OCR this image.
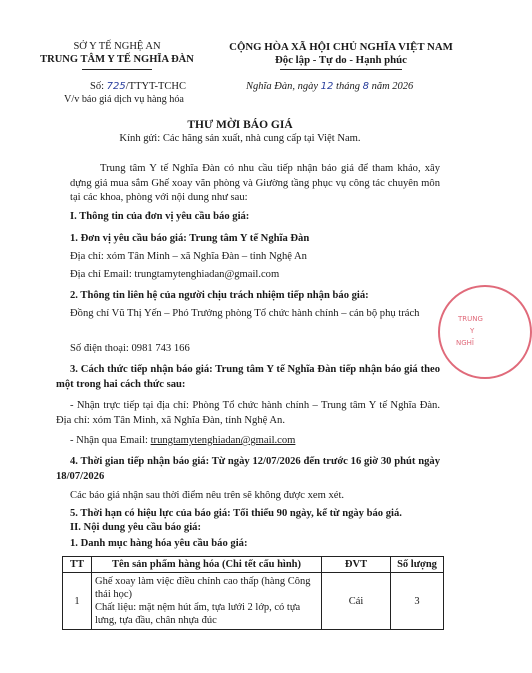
SỞ Y TẾ NGHỆ AN
TRUNG TÂM Y TẾ NGHĨA ĐÀN
CỘNG HÒA XÃ HỘI CHỦ NGHĨA VIỆT NAM
Độc lập - Tự do - Hạnh phúc
Số: 725/TTYT-TCHC
V/v báo giá dịch vụ hàng hóa
Nghĩa Đàn, ngày 12 tháng 8 năm 2026
THƯ MỜI BÁO GIÁ
Kính gửi: Các hãng sản xuất, nhà cung cấp tại Việt Nam.
Trung tâm Y tế Nghĩa Đàn có nhu cầu tiếp nhận báo giá để tham khảo, xây dựng giá mua sắm Ghế xoay văn phòng và Giường tầng phục vụ công tác chuyên môn tại các khoa, phòng với nội dung như sau:
I. Thông tin của đơn vị yêu cầu báo giá:
1. Đơn vị yêu cầu báo giá: Trung tâm Y tế Nghĩa Đàn
Địa chỉ: xóm Tân Minh – xã Nghĩa Đàn – tỉnh Nghệ An
Địa chỉ Email: trungtamytenghiadan@gmail.com
2. Thông tin liên hệ của người chịu trách nhiệm tiếp nhận báo giá:
Đồng chí Vũ Thị Yến – Phó Trưởng phòng Tổ chức hành chính – cán bộ phụ trách
Số điện thoại: 0981 743 166
3. Cách thức tiếp nhận báo giá: Trung tâm Y tế Nghĩa Đàn tiếp nhận báo giá theo một trong hai cách thức sau:
- Nhận trực tiếp tại địa chỉ: Phòng Tổ chức hành chính – Trung tâm Y tế Nghĩa Đàn. Địa chỉ: xóm Tân Minh, xã Nghĩa Đàn, tỉnh Nghệ An.
- Nhận qua Email: trungtamytenghiadan@gmail.com
4. Thời gian tiếp nhận báo giá: Từ ngày 12/07/2026 đến trước 16 giờ 30 phút ngày 18/07/2026
Các báo giá nhận sau thời điểm nêu trên sẽ không được xem xét.
5. Thời hạn có hiệu lực của báo giá: Tối thiểu 90 ngày, kể từ ngày báo giá.
II. Nội dung yêu cầu báo giá:
1. Danh mục hàng hóa yêu cầu báo giá:
TT	Tên sản phẩm hàng hóa (Chi tết cấu hình)	ĐVT	Số lượng
1	Ghế xoay làm việc điều chỉnh cao thấp (hàng Công thái học)
Chất liệu: mặt nệm hút ẩm, tựa lưới 2 lớp, có tựa lưng, tựa đầu, chân nhựa đúc	Cái	3
TRUNG
Y
NGHĨ
